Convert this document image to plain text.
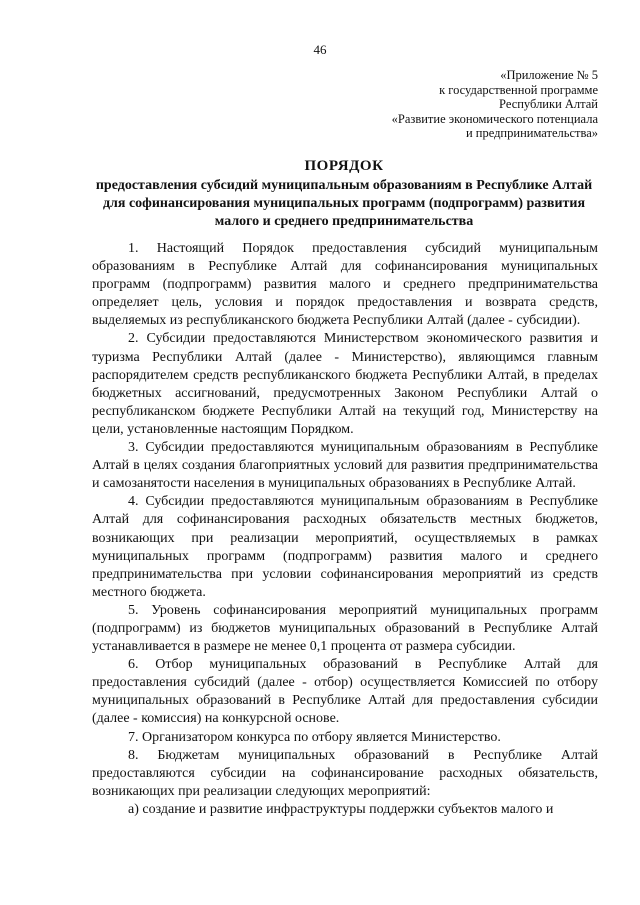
46
«Приложение № 5
к государственной программе
Республики Алтай
«Развитие экономического потенциала
и предпринимательства»
ПОРЯДОК
предоставления субсидий муниципальным образованиям в Республике Алтай для софинансирования муниципальных программ (подпрограмм) развития малого и среднего предпринимательства

1. Настоящий Порядок предоставления субсидий муниципальным образованиям в Республике Алтай для софинансирования муниципальных программ (подпрограмм) развития малого и среднего предпринимательства определяет цель, условия и порядок предоставления и возврата средств, выделяемых из республиканского бюджета Республики Алтай (далее - субсидии).

2. Субсидии предоставляются Министерством экономического развития и туризма Республики Алтай (далее - Министерство), являющимся главным распорядителем средств республиканского бюджета Республики Алтай, в пределах бюджетных ассигнований, предусмотренных Законом Республики Алтай о республиканском бюджете Республики Алтай на текущий год, Министерству на цели, установленные настоящим Порядком.

3. Субсидии предоставляются муниципальным образованиям в Республике Алтай в целях создания благоприятных условий для развития предпринимательства и самозанятости населения в муниципальных образованиях в Республике Алтай.

4. Субсидии предоставляются муниципальным образованиям в Республике Алтай для софинансирования расходных обязательств местных бюджетов, возникающих при реализации мероприятий, осуществляемых в рамках муниципальных программ (подпрограмм) развития малого и среднего предпринимательства при условии софинансирования мероприятий из средств местного бюджета.

5. Уровень софинансирования мероприятий муниципальных программ (подпрограмм) из бюджетов муниципальных образований в Республике Алтай устанавливается в размере не менее 0,1 процента от размера субсидии.

6. Отбор муниципальных образований в Республике Алтай для предоставления субсидий (далее - отбор) осуществляется Комиссией по отбору муниципальных образований в Республике Алтай для предоставления субсидии (далее - комиссия) на конкурсной основе.

7. Организатором конкурса по отбору является Министерство.

8. Бюджетам муниципальных образований в Республике Алтай предоставляются субсидии на софинансирование расходных обязательств, возникающих при реализации следующих мероприятий:

а) создание и развитие инфраструктуры поддержки субъектов малого и
